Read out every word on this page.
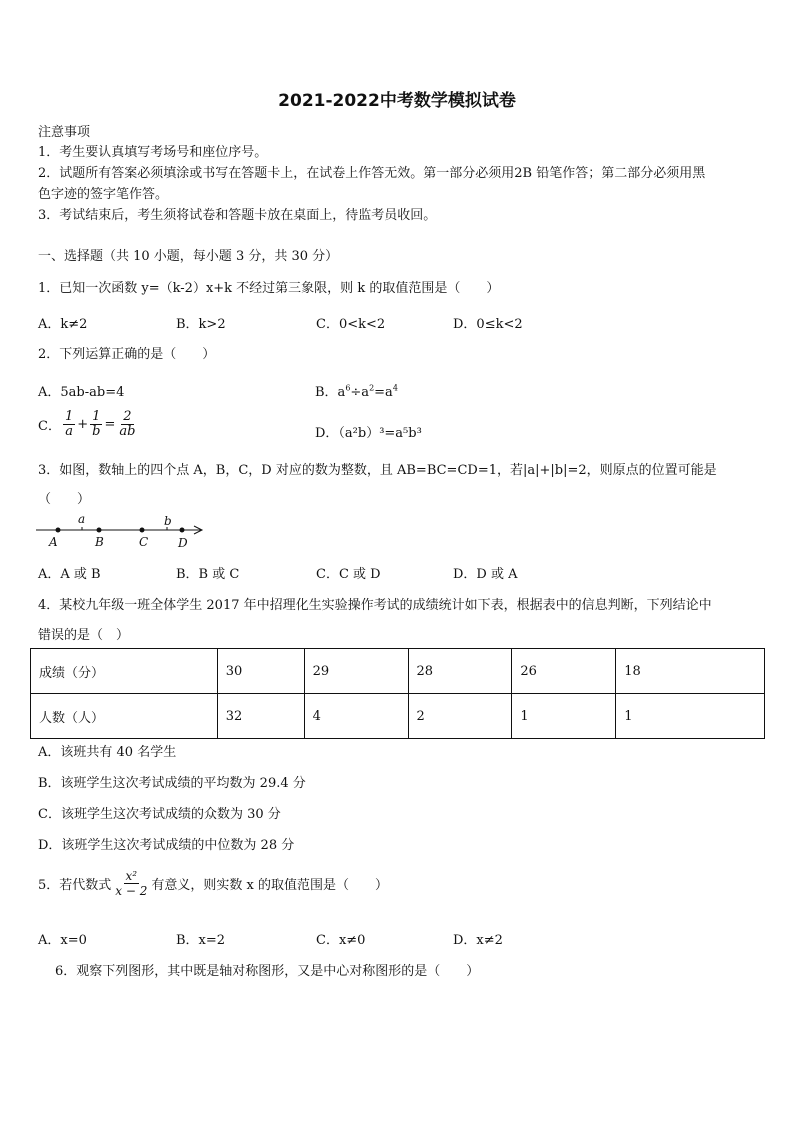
2021-2022中考数学模拟试卷
注意事项
1．考生要认真填写考场号和座位序号。
2．试题所有答案必须填涂或书写在答题卡上，在试卷上作答无效。第一部分必须用2B 铅笔作答；第二部分必须用黑
色字迹的签字笔作答。
3．考试结束后，考生须将试卷和答题卡放在桌面上，待监考员收回。
一、选择题（共 10 小题，每小题 3 分，共 30 分）
1．已知一次函数 y=（k-2）x+k 不经过第三象限，则 k 的取值范围是（　　）
A．k≠2	B．k>2	C．0<k<2	D．0≤k<2
2．下列运算正确的是（　　）
A．5ab-ab=4	B．$a^6\div a^2=a^4$
C． $\frac{1}{a} + \frac{1}{b} = \frac{2}{ab}$	D．（a²b）³=a⁵b³
3．如图，数轴上的四个点 A，B，C，D 对应的数为整数，且 AB=BC=CD=1，若|a|+|b|=2，则原点的位置可能是
（　　）
a	b
A	B	C D
A．A 或 B	B．B 或 C	C．C 或 D	D．D 或 A
4．某校九年级一班全体学生 2017 年中招理化生实验操作考试的成绩统计如下表，根据表中的信息判断，下列结论中
错误的是（　）
成绩（分）	30	29	28	26	18
人数（人）	32	4	2	1	1
A．该班共有 40 名学生
B．该班学生这次考试成绩的平均数为 29.4 分
C．该班学生这次考试成绩的众数为 30 分
D．该班学生这次考试成绩的中位数为 28 分
5．若代数式 $\frac{\text{x²}}{x - 2}$ 有意义，则实数 x 的取值范围是（　　）
A．x=0	B．x=2	C．x≠0	D．x≠2
6．观察下列图形，其中既是轴对称图形，又是中心对称图形的是（　　）
